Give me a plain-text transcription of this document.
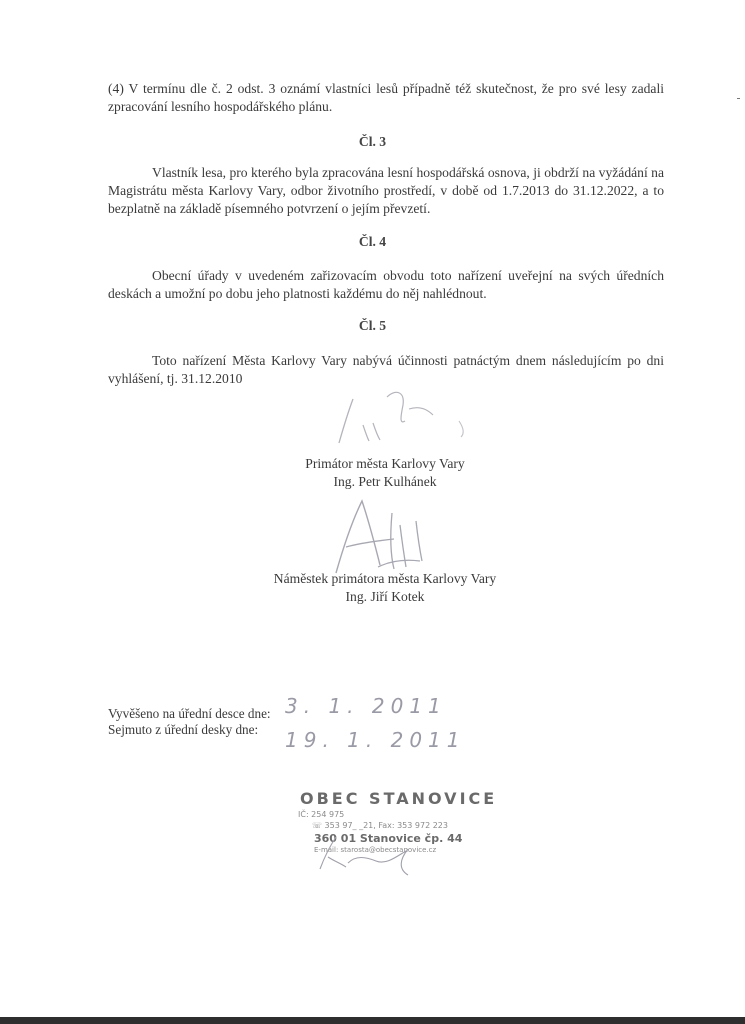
(4) V termínu dle č. 2 odst. 3 oznámí vlastníci lesů případně též skutečnost, že pro své lesy zadali zpracování lesního hospodářského plánu.
Čl. 3
Vlastník lesa, pro kterého byla zpracována lesní hospodářská osnova, ji obdrží na vyžádání na Magistrátu města Karlovy Vary, odbor životního prostředí, v době od 1.7.2013 do 31.12.2022, a to bezplatně na základě písemného potvrzení o jejím převzetí.
Čl. 4
Obecní úřady v uvedeném zařizovacím obvodu toto nařízení uveřejní na svých úředních deskách a umožní po dobu jeho platnosti každému do něj nahlédnout.
Čl. 5
Toto nařízení Města Karlovy Vary nabývá účinnosti patnáctým dnem následujícím po dni vyhlášení, tj. 31.12.2010
Primátor města Karlovy Vary
Ing. Petr Kulhánek
Náměstek primátora města Karlovy Vary
Ing. Jiří Kotek
Vyvěšeno na úřední desce dne:
Sejmuto z úřední desky dne:
3. 1. 2011
19. 1. 2011
OBEC STANOVICE
IČ: 254 975
☏ 353 97_ _21, Fax: 353 972 223
360 01 Stanovice čp. 44
E-mail: starosta@obecstanovice.cz
